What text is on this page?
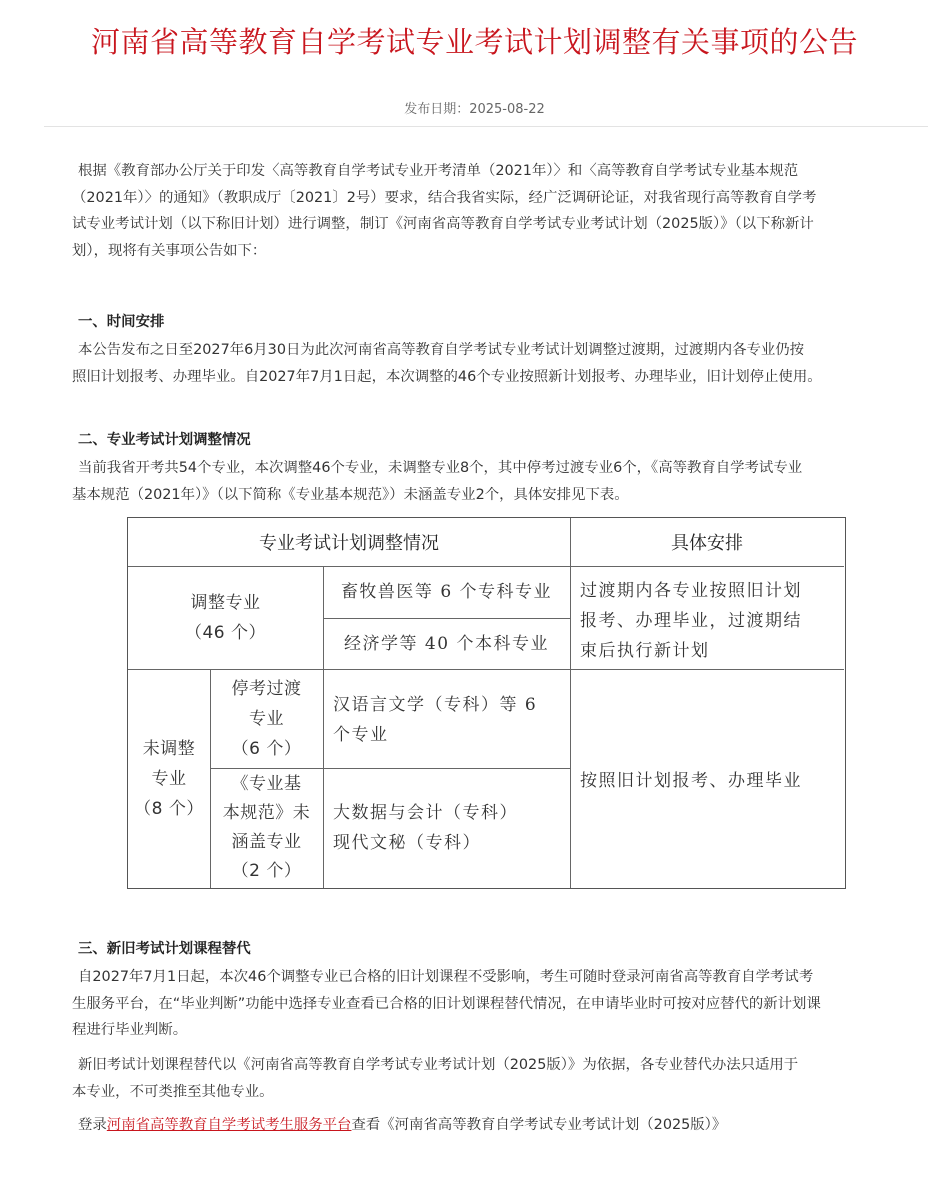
河南省高等教育自学考试专业考试计划调整有关事项的公告
发布日期：2025-08-22
根据《教育部办公厅关于印发〈高等教育自学考试专业开考清单（2021年）〉和〈高等教育自学考试专业基本规范
（2021年）〉的通知》（教职成厅〔2021〕2号）要求，结合我省实际，经广泛调研论证，对我省现行高等教育自学考
试专业考试计划（以下称旧计划）进行调整，制订《河南省高等教育自学考试专业考试计划（2025版）》（以下称新计
划），现将有关事项公告如下：
一、时间安排
本公告发布之日至2027年6月30日为此次河南省高等教育自学考试专业考试计划调整过渡期，过渡期内各专业仍按
照旧计划报考、办理毕业。自2027年7月1日起，本次调整的46个专业按照新计划报考、办理毕业，旧计划停止使用。
二、专业考试计划调整情况
当前我省开考共54个专业，本次调整46个专业，未调整专业8个，其中停考过渡专业6个，《高等教育自学考试专业
基本规范（2021年）》（以下简称《专业基本规范》）未涵盖专业2个，具体安排见下表。
专业考试计划调整情况	具体安排
调整专业
（46 个）
畜牧兽医等 6 个专科专业
经济学等 40 个本科专业
过渡期内各专业按照旧计划
报考、办理毕业，过渡期结
束后执行新计划
未调整
专业
（8 个）
停考过渡
专业
（6 个）
汉语言文学（专科）等 6
个专业
《专业基
本规范》未
涵盖专业
（2 个）
大数据与会计（专科）
现代文秘（专科）
按照旧计划报考、办理毕业
三、新旧考试计划课程替代
自2027年7月1日起，本次46个调整专业已合格的旧计划课程不受影响，考生可随时登录河南省高等教育自学考试考
生服务平台，在“毕业判断”功能中选择专业查看已合格的旧计划课程替代情况，在申请毕业时可按对应替代的新计划课
程进行毕业判断。
新旧考试计划课程替代以《河南省高等教育自学考试专业考试计划（2025版）》为依据，各专业替代办法只适用于
本专业，不可类推至其他专业。
登录河南省高等教育自学考试考生服务平台查看《河南省高等教育自学考试专业考试计划（2025版）》
